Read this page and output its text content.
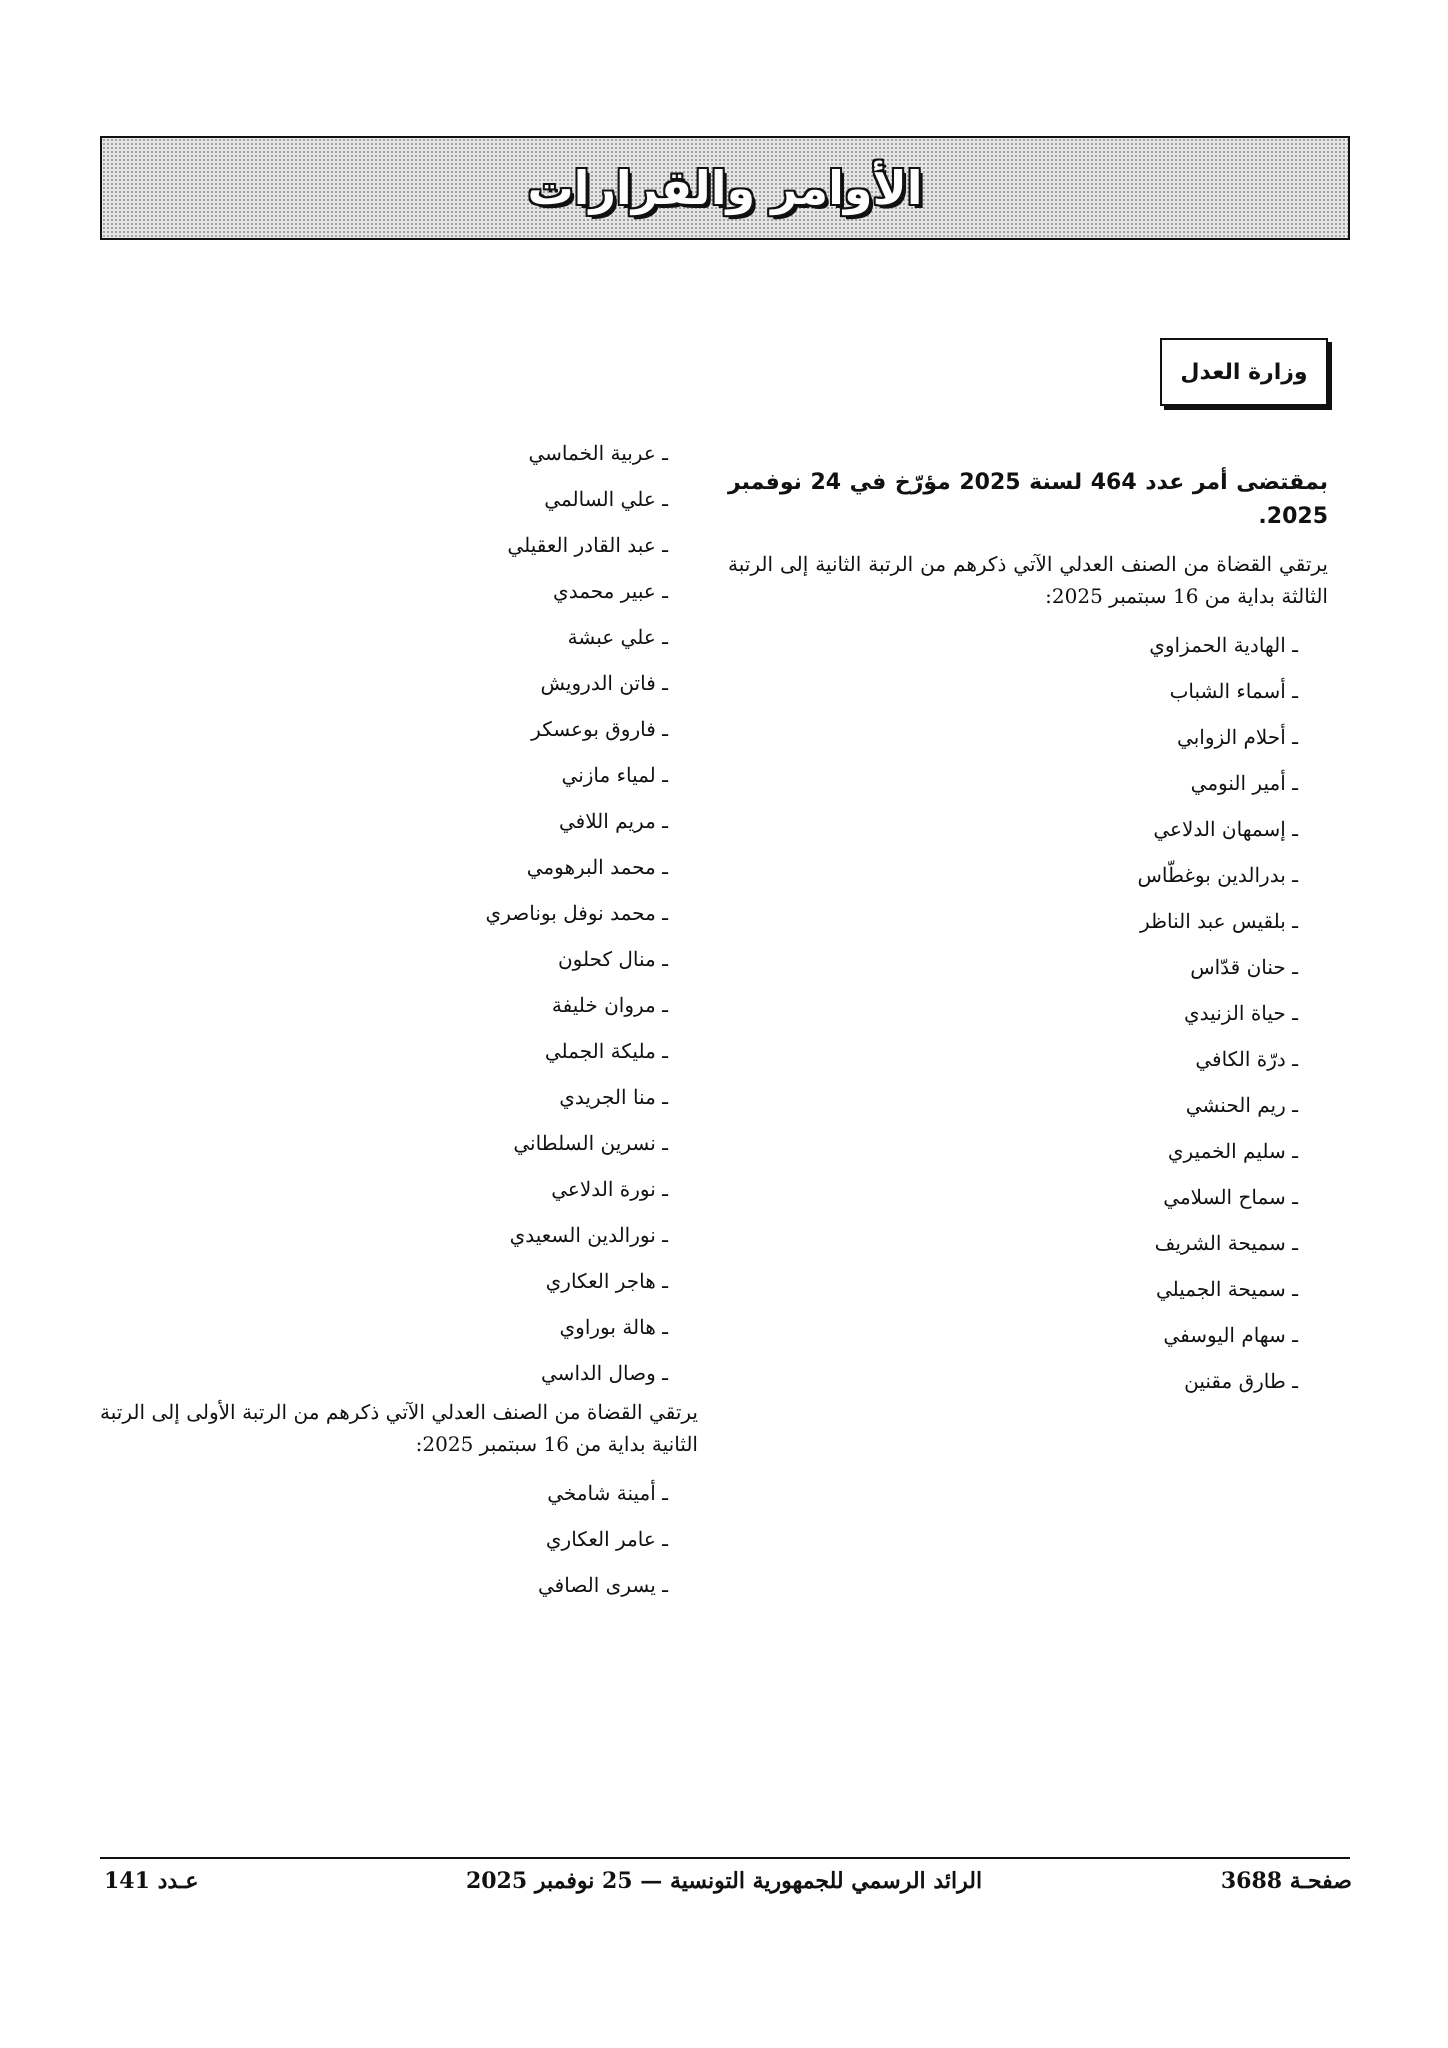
الأوامر والقرارات
وزارة العدل

بمقتضى أمر عدد 464 لسنة 2025 مؤرّخ في 24 نوفمبر 2025.

يرتقي القضاة من الصنف العدلي الآتي ذكرهم من الرتبة الثانية إلى الرتبة الثالثة بداية من 16 سبتمبر 2025:

ـ الهادية الحمزاوي
ـ أسماء الشباب
ـ أحلام الزوابي
ـ أمير النومي
ـ إسمهان الدلاعي
ـ بدرالدين بوغطّاس
ـ بلقيس عبد الناظر
ـ حنان قدّاس
ـ حياة الزنيدي
ـ درّة الكافي
ـ ريم الحنشي
ـ سليم الخميري
ـ سماح السلامي
ـ سميحة الشريف
ـ سميحة الجميلي
ـ سهام اليوسفي
ـ طارق مقنين
ـ عربية الخماسي
ـ علي السالمي
ـ عبد القادر العقيلي
ـ عبير محمدي
ـ علي عبشة
ـ فاتن الدرويش
ـ فاروق بوعسكر
ـ لمياء مازني
ـ مريم اللافي
ـ محمد البرهومي
ـ محمد نوفل بوناصري
ـ منال كحلون
ـ مروان خليفة
ـ مليكة الجملي
ـ منا الجريدي
ـ نسرين السلطاني
ـ نورة الدلاعي
ـ نورالدين السعيدي
ـ هاجر العكاري
ـ هالة بوراوي
ـ وصال الداسي

يرتقي القضاة من الصنف العدلي الآتي ذكرهم من الرتبة الأولى إلى الرتبة الثانية بداية من 16 سبتمبر 2025:

ـ أمينة شامخي
ـ عامر العكاري
ـ يسرى الصافي
صفحـة 3688
الرائد الرسمي للجمهورية التونسية — 25 نوفمبر 2025
عـدد 141
